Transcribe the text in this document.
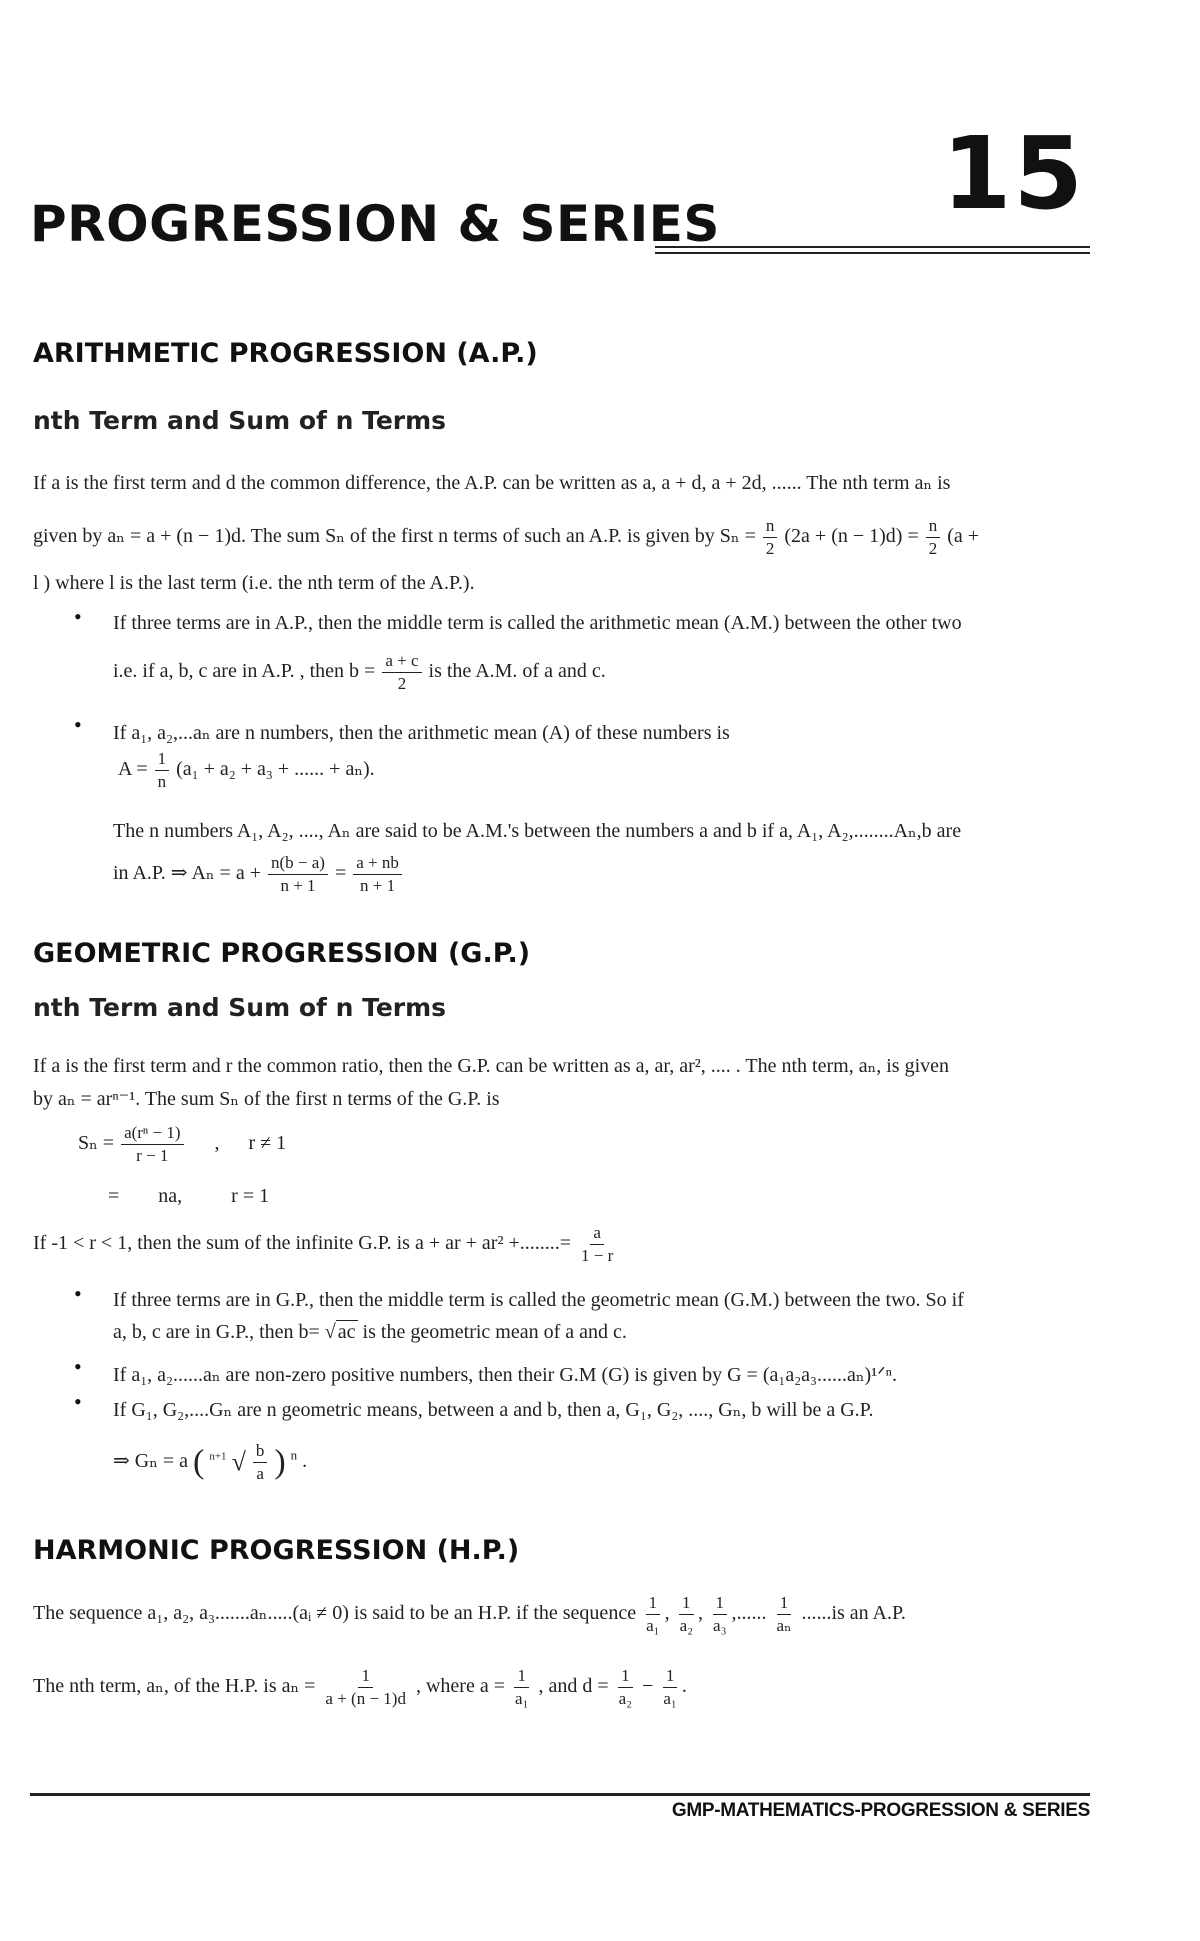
15
PROGRESSION & SERIES
ARITHMETIC PROGRESSION (A.P.)
nth Term and Sum of n Terms
If a is the first term and d the common difference, the A.P. can be written as a, a + d, a + 2d, ...... The nth term aₙ is
given by aₙ = a + (n − 1)d. The sum Sₙ of the first n terms of such an A.P. is given by $S_n = \frac{n}{2} (2a + (n - 1)d) = \frac{n}{2} (a$ +
l ) where l is the last term (i.e. the nth term of the A.P.).
• If three terms are in A.P., then the middle term is called the arithmetic mean (A.M.) between the other two
i.e. if a, b, c are in A.P. , then $b = \frac{a + c}{2}$ is the A.M. of a and c.
• If a₁, a₂,...aₙ are n numbers, then the arithmetic mean (A) of these numbers is
$A = \frac{1}{n} (a_1 + a_2 + a_3$ + ...... + aₙ).
The n numbers A₁, A₂, ...., Aₙ are said to be A.M.'s between the numbers a and b if a, A₁, A₂,........Aₙ,b are
in A.P. ⇒ $A_n = a + \frac{n(b - a)}{n + 1} = \frac{a + nb}{n + 1}$
GEOMETRIC PROGRESSION (G.P.)
nth Term and Sum of n Terms
If a is the first term and r the common ratio, then the G.P. can be written as a, ar, ar², .... . The nth term, aₙ, is given
by aₙ = arⁿ⁻¹. The sum Sₙ of the first n terms of the G.P. is
$S_n = \frac{\text{a(rⁿ − 1)}}{r - 1}$ , r ≠ 1
= na, r = 1
If -1 < r < 1, then the sum of the infinite G.P. is a + ar + ar² +........= $\frac{a}{1 - r}$
• If three terms are in G.P., then the middle term is called the geometric mean (G.M.) between the two. So if
a, b, c are in G.P., then b= √ ac is the geometric mean of a and c.
• If a₁, a₂......aₙ are non-zero positive numbers, then their G.M (G) is given by G = (a₁a₂a₃......aₙ)¹ᐟⁿ.
• If G₁, G₂,....Gₙ are n geometric means, between a and b, then a, G₁, G₂, ...., Gₙ, b will be a G.P.
⇒ Gₙ = a ( $^{n+1}$ √ $\frac{b}{a}$ ) $^n$ .
HARMONIC PROGRESSION (H.P.)
The sequence a₁, a₂, a₃.......aₙ.....(aᵢ ≠ 0) is said to be an H.P. if the sequence $\frac{1}{\text{a₁}}$ , $\frac{1}{\text{a₂}}$ , $\frac{1}{\text{a₃}}$ ,...... $\frac{1}{\text{aₙ}} ......is$ an A.P.
The nth term, aₙ, of the H.P. is $a_n = \frac{1}{a + (n - 1)d}$ , where $a = \frac{1}{\text{a₁}}$ , and $d = \frac{1}{\text{a₂}} - \frac{1}{\text{a₁}}$ .
GMP-MATHEMATICS-PROGRESSION & SERIES
